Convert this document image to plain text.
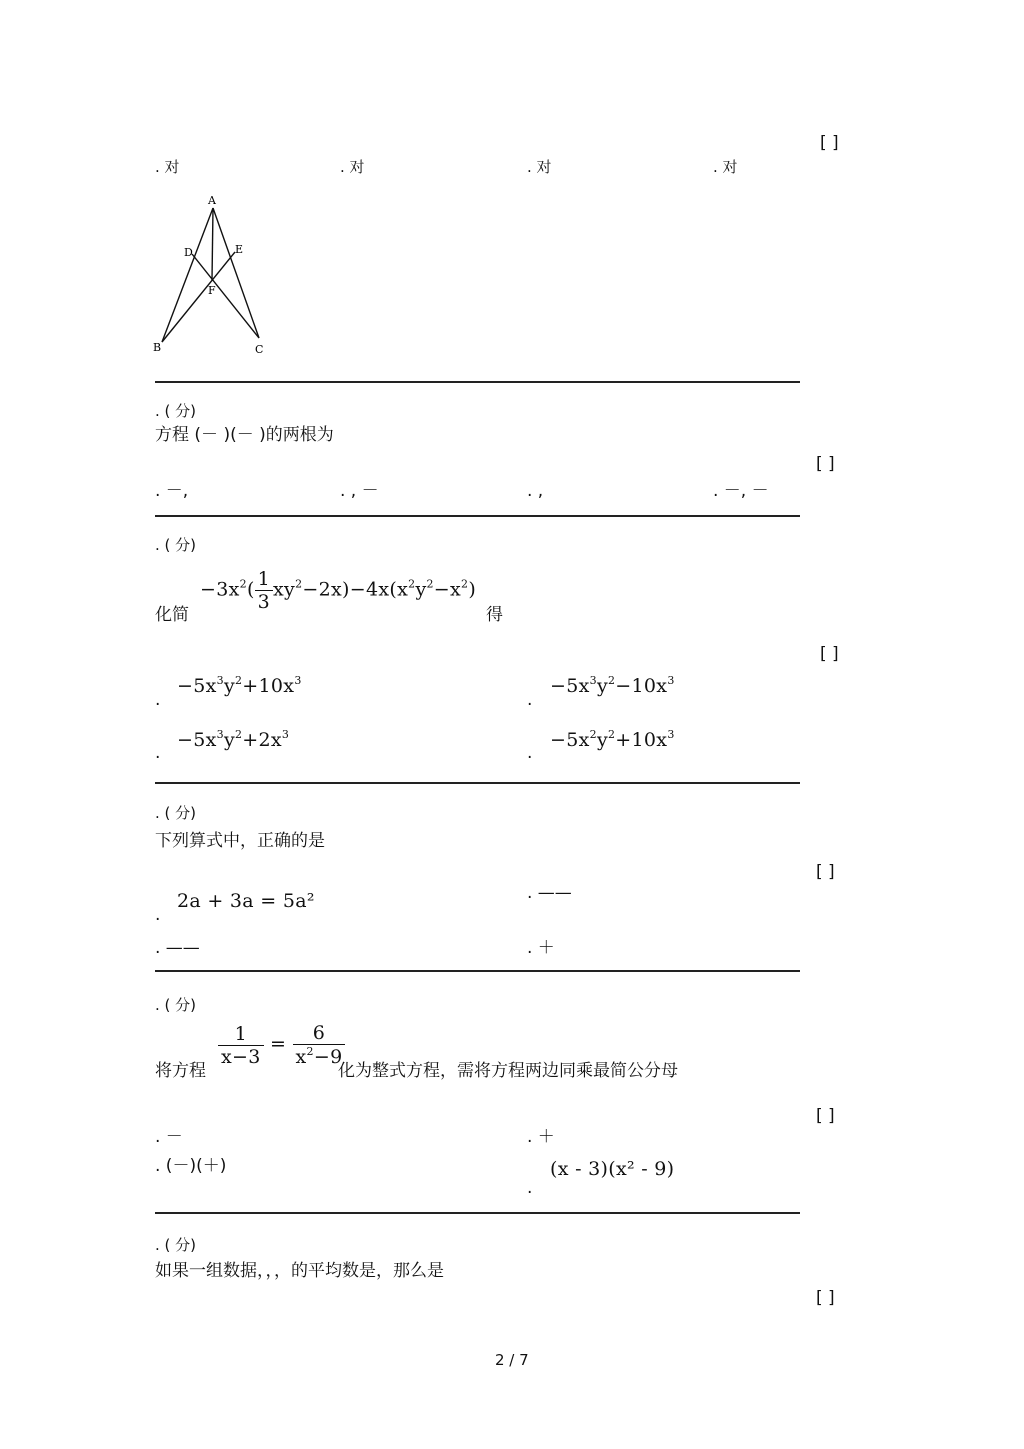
[ ]
. 对	. 对	. 对	. 对
A
B	C
D	E
F
. ( 分)
方程 (－ )(－ )的两根为
[ ]
. －,	. , －	. ,	. －, －
. ( 分)
$-3x^2( \frac{1}{3} xy^2-2x)-4x(x^2y^2-x^2)$
化简	得
[ ]
.
$-5x^3y^2+10x^3$
.
$-5x^3y^2-10x^3$
.
$-5x^3y^2+2x^3$
.
$-5x^2y^2+10x^3$
. ( 分)
下列算式中，正确的是
[ ]
.
2a + 3a = 5a²	. ——
. ——	. ＋
. ( 分)
将方程
$\frac{1}{x-3} = \frac{6}{x^2-9}$
化为整式方程，需将方程两边同乘最简公分母
[ ]
. －	. ＋
. (－)(＋)
.
(x - 3)(x² - 9)
. ( 分)
如果一组数据，，，的平均数是，那么是
[ ]
2 / 7
